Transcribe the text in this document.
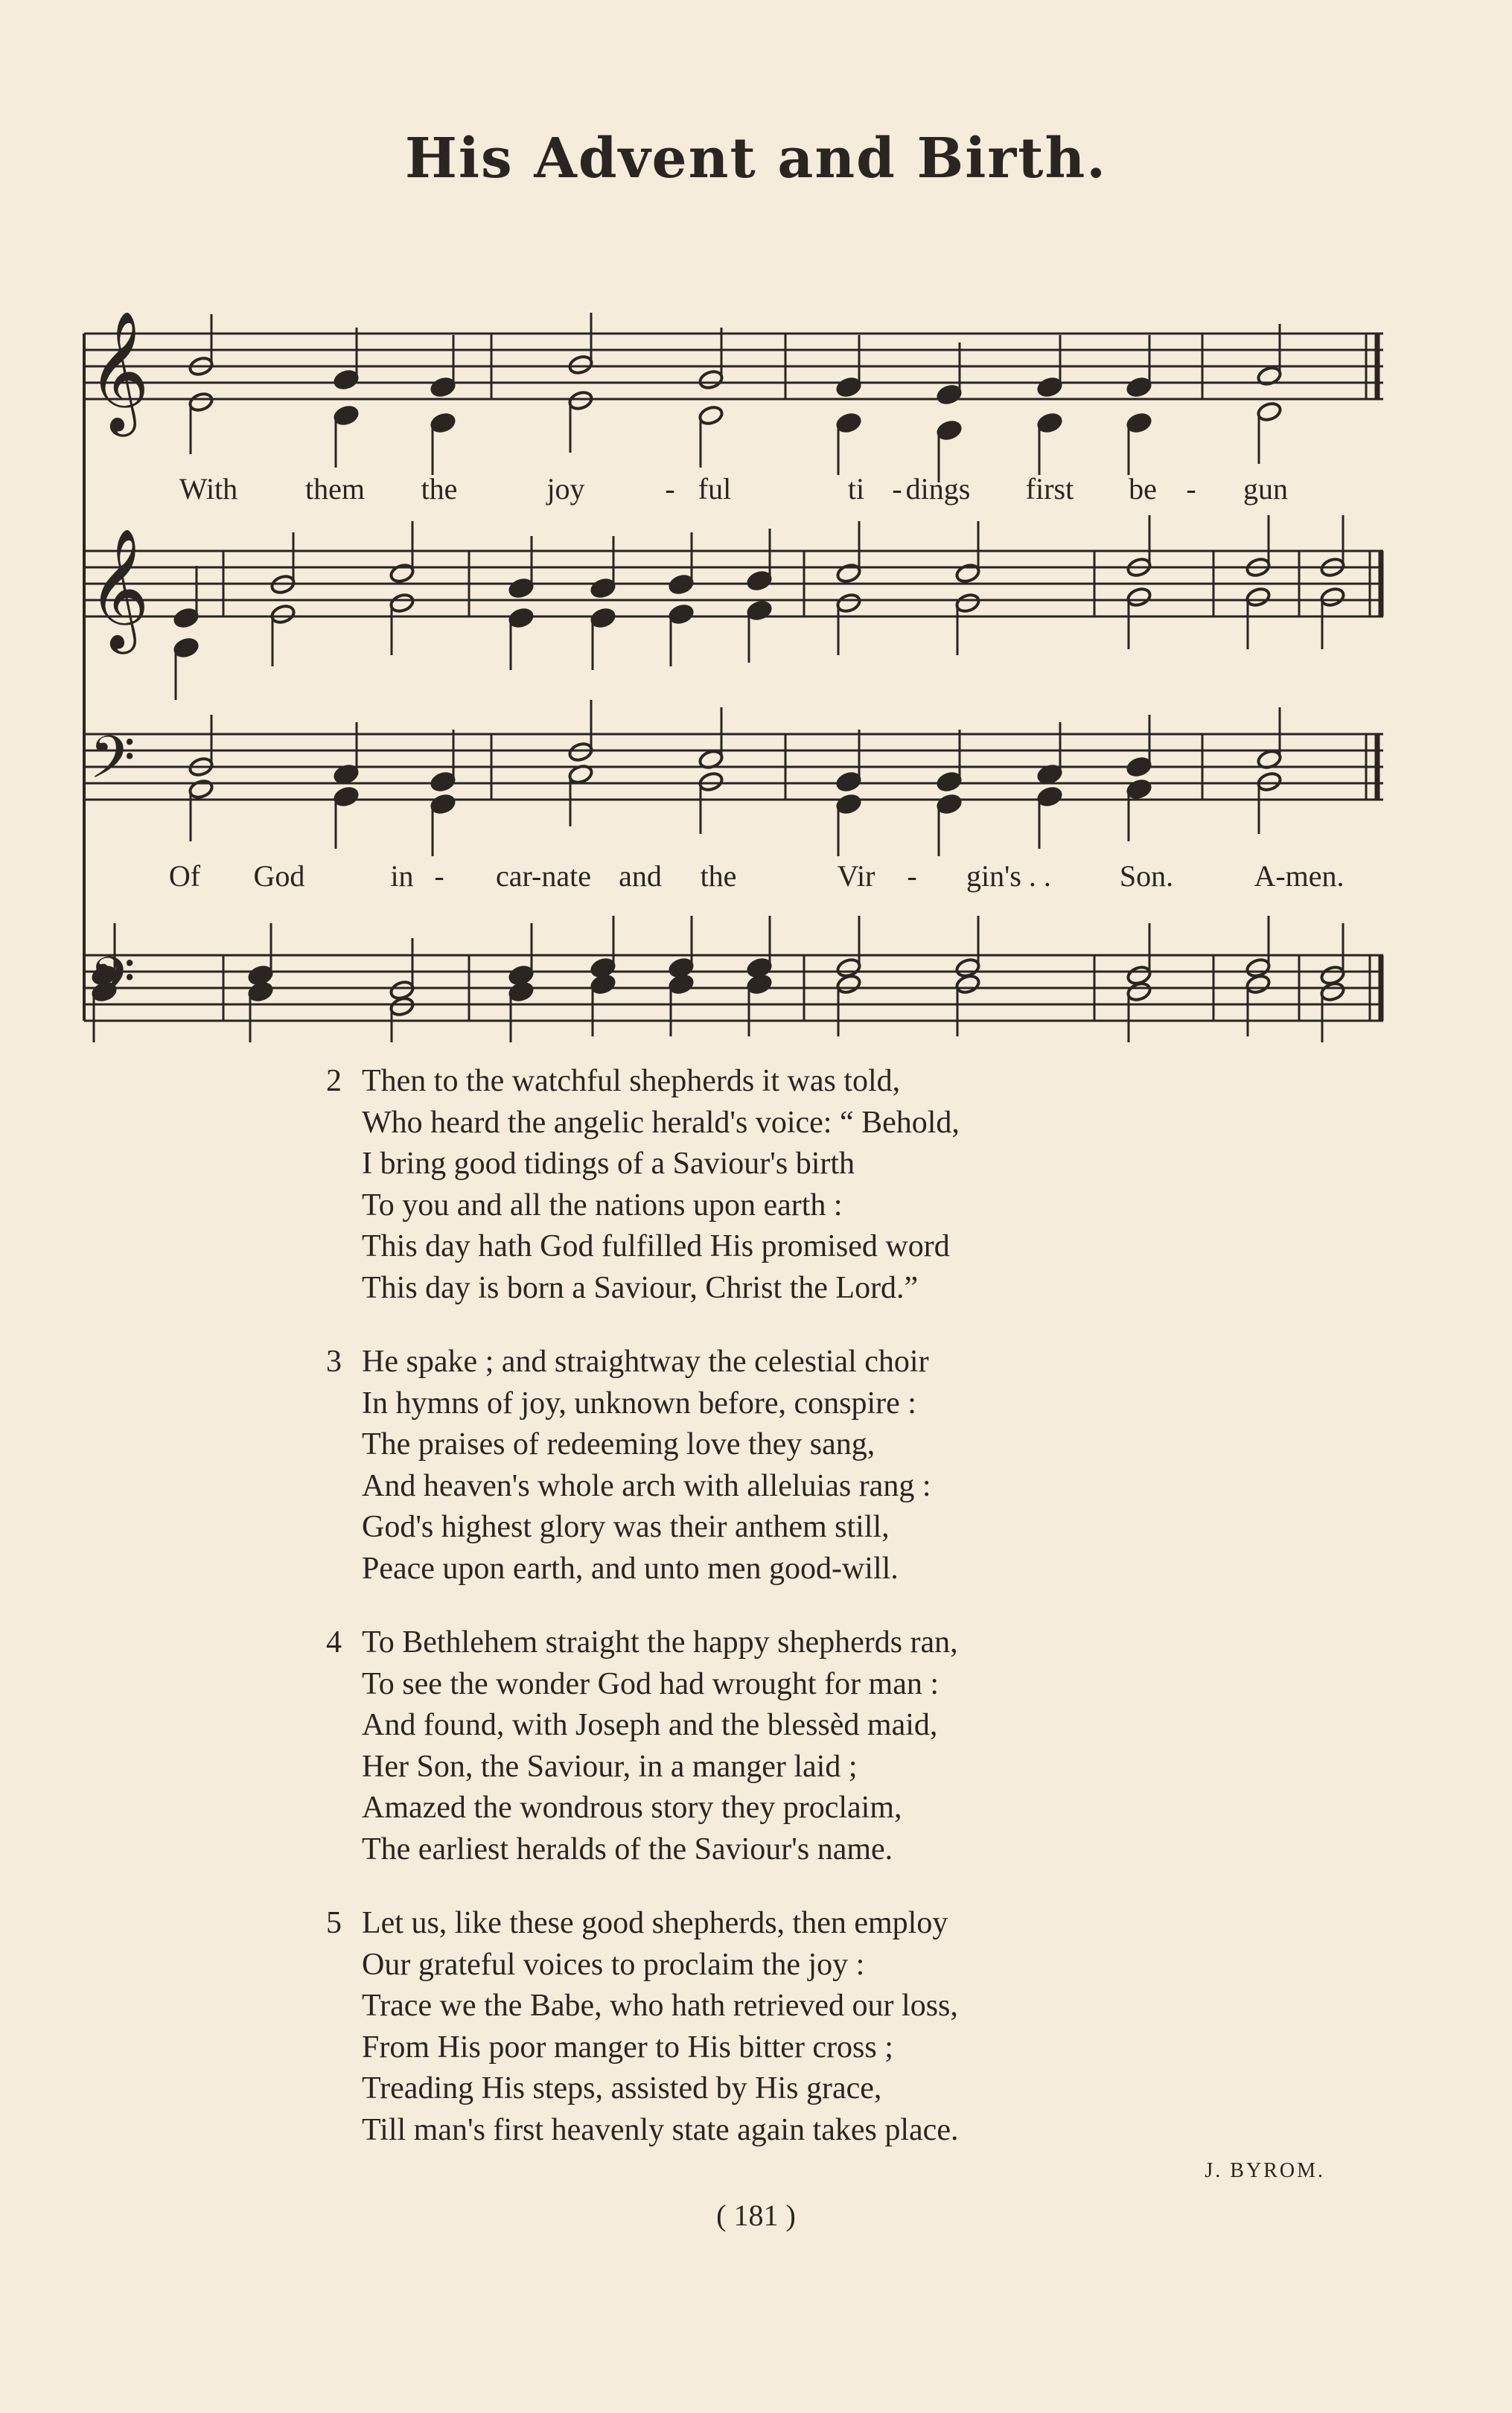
His Advent and Birth.
𝄞
𝄢
𝄞
𝄢
With them the	joy	- ful	ti - dings first be - gun
Of God	in - car-nate and the	Vir - gin's . . Son.	A-men.
2 Then to the watchful shepherds it was told,
Who heard the angelic herald's voice: “ Behold,
I bring good tidings of a Saviour's birth
To you and all the nations upon earth :
This day hath God fulfilled His promised word
This day is born a Saviour, Christ the Lord.”
3 He spake ; and straightway the celestial choir
In hymns of joy, unknown before, conspire :
The praises of redeeming love they sang,
And heaven's whole arch with alleluias rang :
God's highest glory was their anthem still,
Peace upon earth, and unto men good-will.
4 To Bethlehem straight the happy shepherds ran,
To see the wonder God had wrought for man :
And found, with Joseph and the blessèd maid,
Her Son, the Saviour, in a manger laid ;
Amazed the wondrous story they proclaim,
The earliest heralds of the Saviour's name.
5 Let us, like these good shepherds, then employ
Our grateful voices to proclaim the joy :
Trace we the Babe, who hath retrieved our loss,
From His poor manger to His bitter cross ;
Treading His steps, assisted by His grace,
Till man's first heavenly state again takes place.
J. BYROM.
( 181 )
